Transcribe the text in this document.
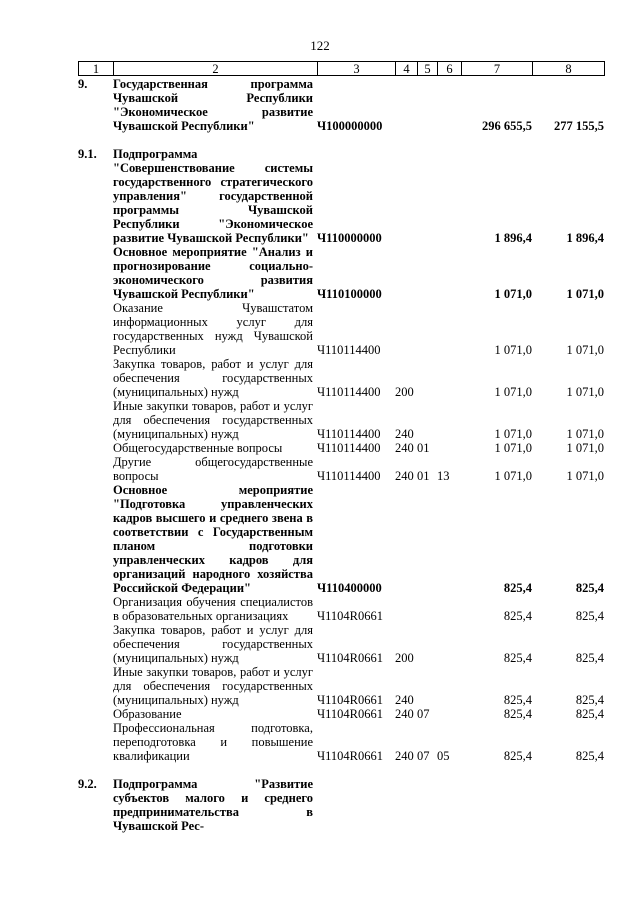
122
1	2	3	4	5	6	7	8
9.	Государственная программа Чувашской Республики "Экономическое развитие Чувашской Республики"	Ч100000000				296 655,5	277 155,5
9.1.	Подпрограмма "Совершенствование системы государственного стратегического управления" государственной программы Чувашской Республики "Экономическое развитие Чувашской Республики"	Ч110000000				1 896,4	1 896,4
	Основное мероприятие "Анализ и прогнозирование социально-экономического развития Чувашской Республики"	Ч110100000				1 071,0	1 071,0
	Оказание Чувашстатом информационных услуг для государственных нужд Чувашской Республики	Ч110114400				1 071,0	1 071,0
	Закупка товаров, работ и услуг для обеспечения государственных (муниципальных) нужд	Ч110114400	200			1 071,0	1 071,0
	Иные закупки товаров, работ и услуг для обеспечения государственных (муниципальных) нужд	Ч110114400	240			1 071,0	1 071,0
	Общегосударственные вопросы	Ч110114400	240	01		1 071,0	1 071,0
	Другие общегосударственные вопросы	Ч110114400	240	01	13	1 071,0	1 071,0
	Основное мероприятие "Подготовка управленческих кадров высшего и среднего звена в соответствии с Государственным планом подготовки управленческих кадров для организаций народного хозяйства Российской Федерации"	Ч110400000				825,4	825,4
	Организация обучения специалистов в образовательных организациях	Ч1104R0661				825,4	825,4
	Закупка товаров, работ и услуг для обеспечения государственных (муниципальных) нужд	Ч1104R0661	200			825,4	825,4
	Иные закупки товаров, работ и услуг для обеспечения государственных (муниципальных) нужд	Ч1104R0661	240			825,4	825,4
	Образование	Ч1104R0661	240	07		825,4	825,4
	Профессиональная подготовка, переподготовка и повышение квалификации	Ч1104R0661	240	07	05	825,4	825,4
9.2.	Подпрограмма "Развитие субъектов малого и среднего предпринимательства в Чувашской Рес-						
